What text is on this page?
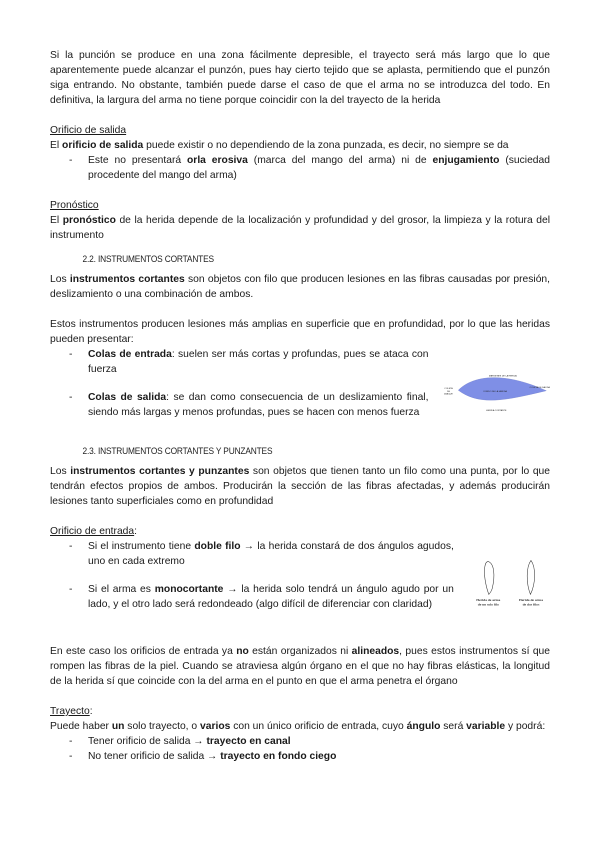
Si la punción se produce en una zona fácilmente depresible, el trayecto será más largo que lo que aparentemente puede alcanzar el punzón, pues hay cierto tejido que se aplasta, permitiendo que el punzón siga entrando. No obstante, también puede darse el caso de que el arma no se introduzca del todo. En definitiva, la largura del arma no tiene porque coincidir con la del trayecto de la herida

Orificio de salida

El orificio de salida puede existir o no dependiendo de la zona punzada, es decir, no siempre se da

- Este no presentará orla erosiva (marca del mango del arma) ni de enjugamiento (suciedad procedente del mango del arma)

Pronóstico

El pronóstico de la herida depende de la localización y profundidad y del grosor, la limpieza y la rotura del instrumento

2.2. INSTRUMENTOS CORTANTES

Los instrumentos cortantes son objetos con filo que producen lesiones en las fibras causadas por presión, deslizamiento o una combinación de ambos.

Estos instrumentos producen lesiones más amplias en superficie que en profundidad, por lo que las heridas pueden presentar:

- Colas de entrada: suelen ser más cortas y profundas, pues se ataca con fuerza
- Colas de salida: se dan como consecuencia de un deslizamiento final, siendo más largas y menos profundas, pues se hacen con menos fuerza
MÁRGENES DE LA HERIDA
FONDO DE LA HERIDA
COLETA
DE
ATAQUE
COLETA DE SALIDA
HERIDA CORTANTE

2.3. INSTRUMENTOS CORTANTES Y PUNZANTES

Los instrumentos cortantes y punzantes son objetos que tienen tanto un filo como una punta, por lo que tendrán efectos propios de ambos. Producirán la sección de las fibras afectadas, y además producirán lesiones tanto superficiales como en profundidad

Orificio de entrada:

- Si el instrumento tiene doble filo → la herida constará de dos ángulos agudos, uno en cada extremo
- Si el arma es monocortante → la herida solo tendrá un ángulo agudo por un lado, y el otro lado será redondeado (algo difícil de diferenciar con claridad)	Herida de arma
de un solo filo
Herida de arma
de dos filos

En este caso los orificios de entrada ya no están organizados ni alineados, pues estos instrumentos sí que rompen las fibras de la piel. Cuando se atraviesa algún órgano en el que no hay fibras elásticas, la longitud de la herida sí que coincide con la del arma en el punto en que el arma penetra el órgano

Trayecto:

Puede haber un solo trayecto, o varios con un único orificio de entrada, cuyo ángulo será variable y podrá:

- Tener orificio de salida → trayecto en canal
- No tener orificio de salida → trayecto en fondo ciego
